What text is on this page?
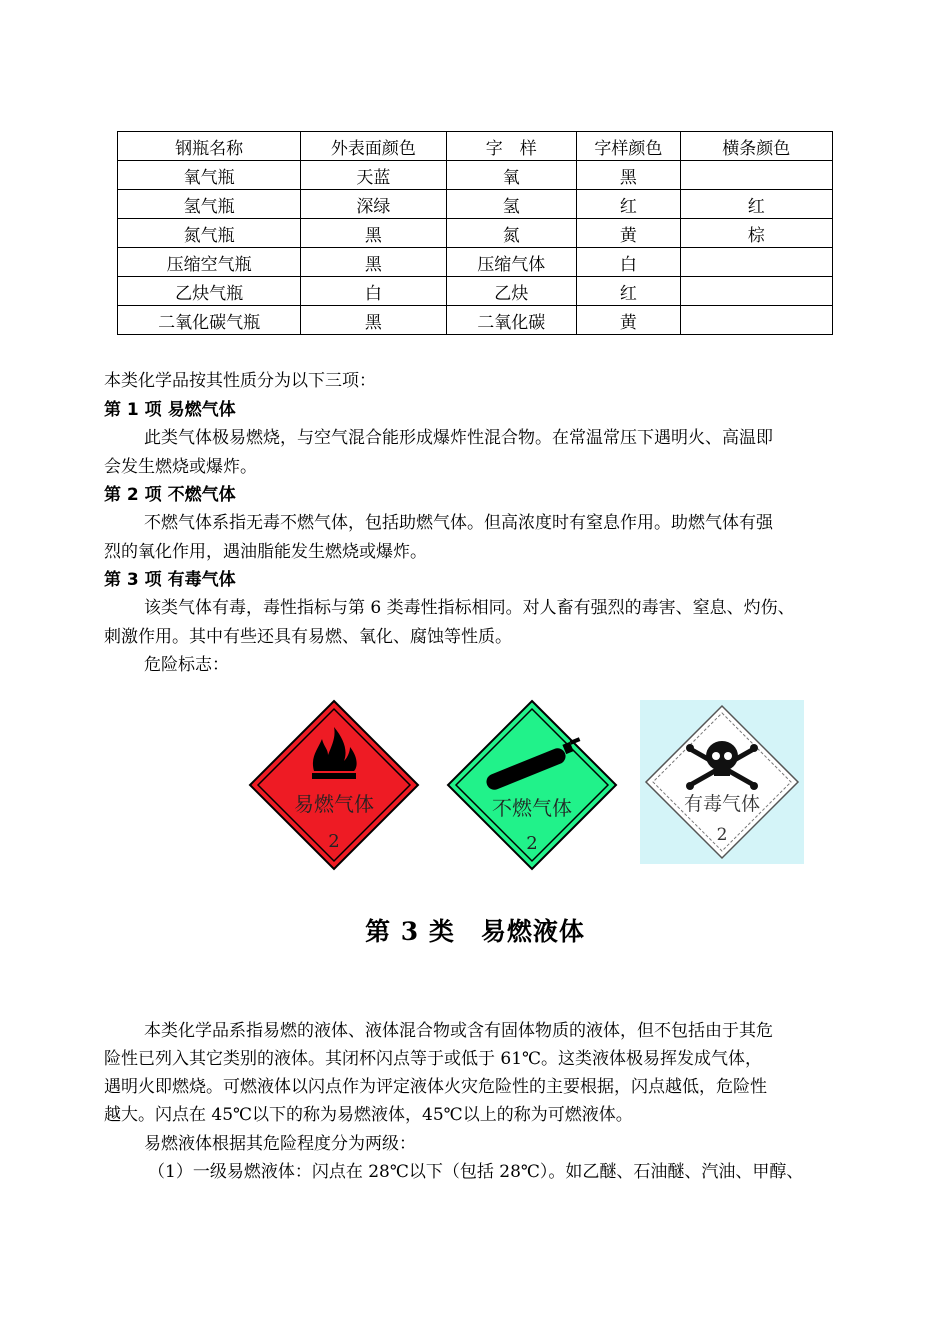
钢瓶名称	外表面颜色	字　样	字样颜色	横条颜色
氧气瓶	天蓝	氧	黑	
氢气瓶	深绿	氢	红	红
氮气瓶	黑	氮	黄	棕
压缩空气瓶	黑	压缩气体	白	
乙炔气瓶	白	乙炔	红	
二氧化碳气瓶	黑	二氧化碳	黄	
本类化学品按其性质分为以下三项：
第 1 项 易燃气体
此类气体极易燃烧，与空气混合能形成爆炸性混合物。在常温常压下遇明火、高温即
会发生燃烧或爆炸。
第 2 项 不燃气体
不燃气体系指无毒不燃气体，包括助燃气体。但高浓度时有窒息作用。助燃气体有强
烈的氧化作用，遇油脂能发生燃烧或爆炸。
第 3 项 有毒气体
该类气体有毒，毒性指标与第 6 类毒性指标相同。对人畜有强烈的毒害、窒息、灼伤、
刺激作用。其中有些还具有易燃、氧化、腐蚀等性质。
危险标志：
易燃气体
2
不燃气体
2
有毒气体
2
第 3 类　易燃液体
本类化学品系指易燃的液体、液体混合物或含有固体物质的液体，但不包括由于其危
险性已列入其它类别的液体。其闭杯闪点等于或低于 61℃。这类液体极易挥发成气体，
遇明火即燃烧。可燃液体以闪点作为评定液体火灾危险性的主要根据，闪点越低，危险性
越大。闪点在 45℃以下的称为易燃液体，45℃以上的称为可燃液体。
易燃液体根据其危险程度分为两级：
（1）一级易燃液体：闪点在 28℃以下（包括 28℃）。如乙醚、石油醚、汽油、甲醇、
